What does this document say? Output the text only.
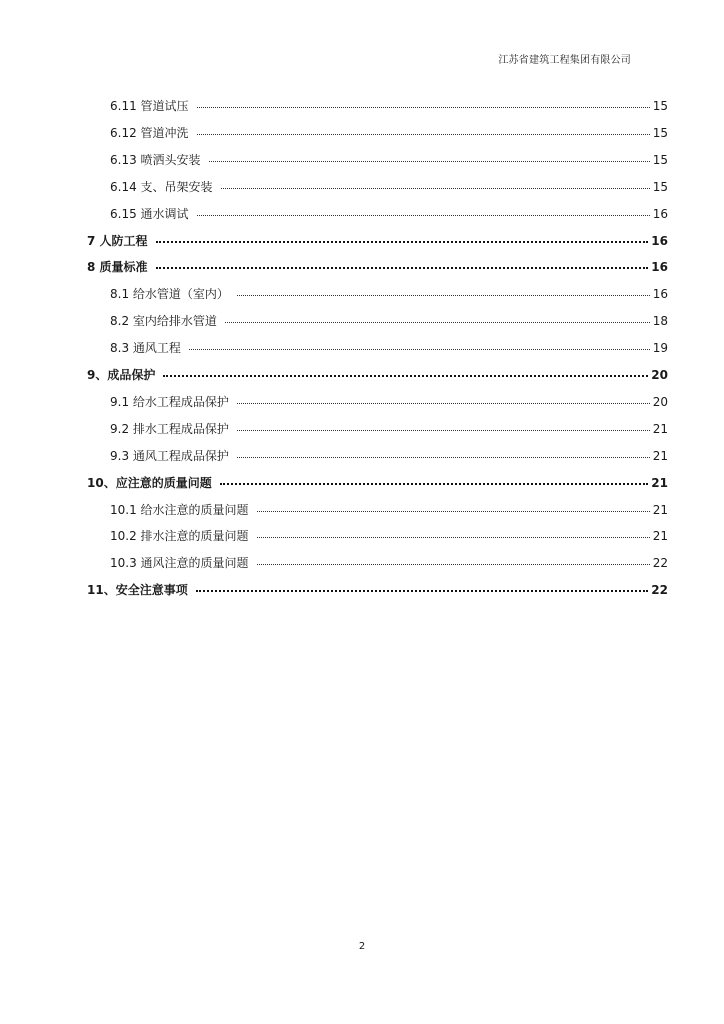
江苏省建筑工程集团有限公司
6.11 管道试压	15
6.12 管道冲洗	15
6.13 喷洒头安装	15
6.14 支、吊架安装	15
6.15 通水调试	16
7 人防工程	16
8 质量标准	16
8.1 给水管道（室内）	16
8.2 室内给排水管道	18
8.3 通风工程	19
9、成品保护	20
9.1 给水工程成品保护	20
9.2 排水工程成品保护	21
9.3 通风工程成品保护	21
10、应注意的质量问题	21
10.1 给水注意的质量问题	21
10.2 排水注意的质量问题	21
10.3 通风注意的质量问题	22
11、安全注意事项	22
2
